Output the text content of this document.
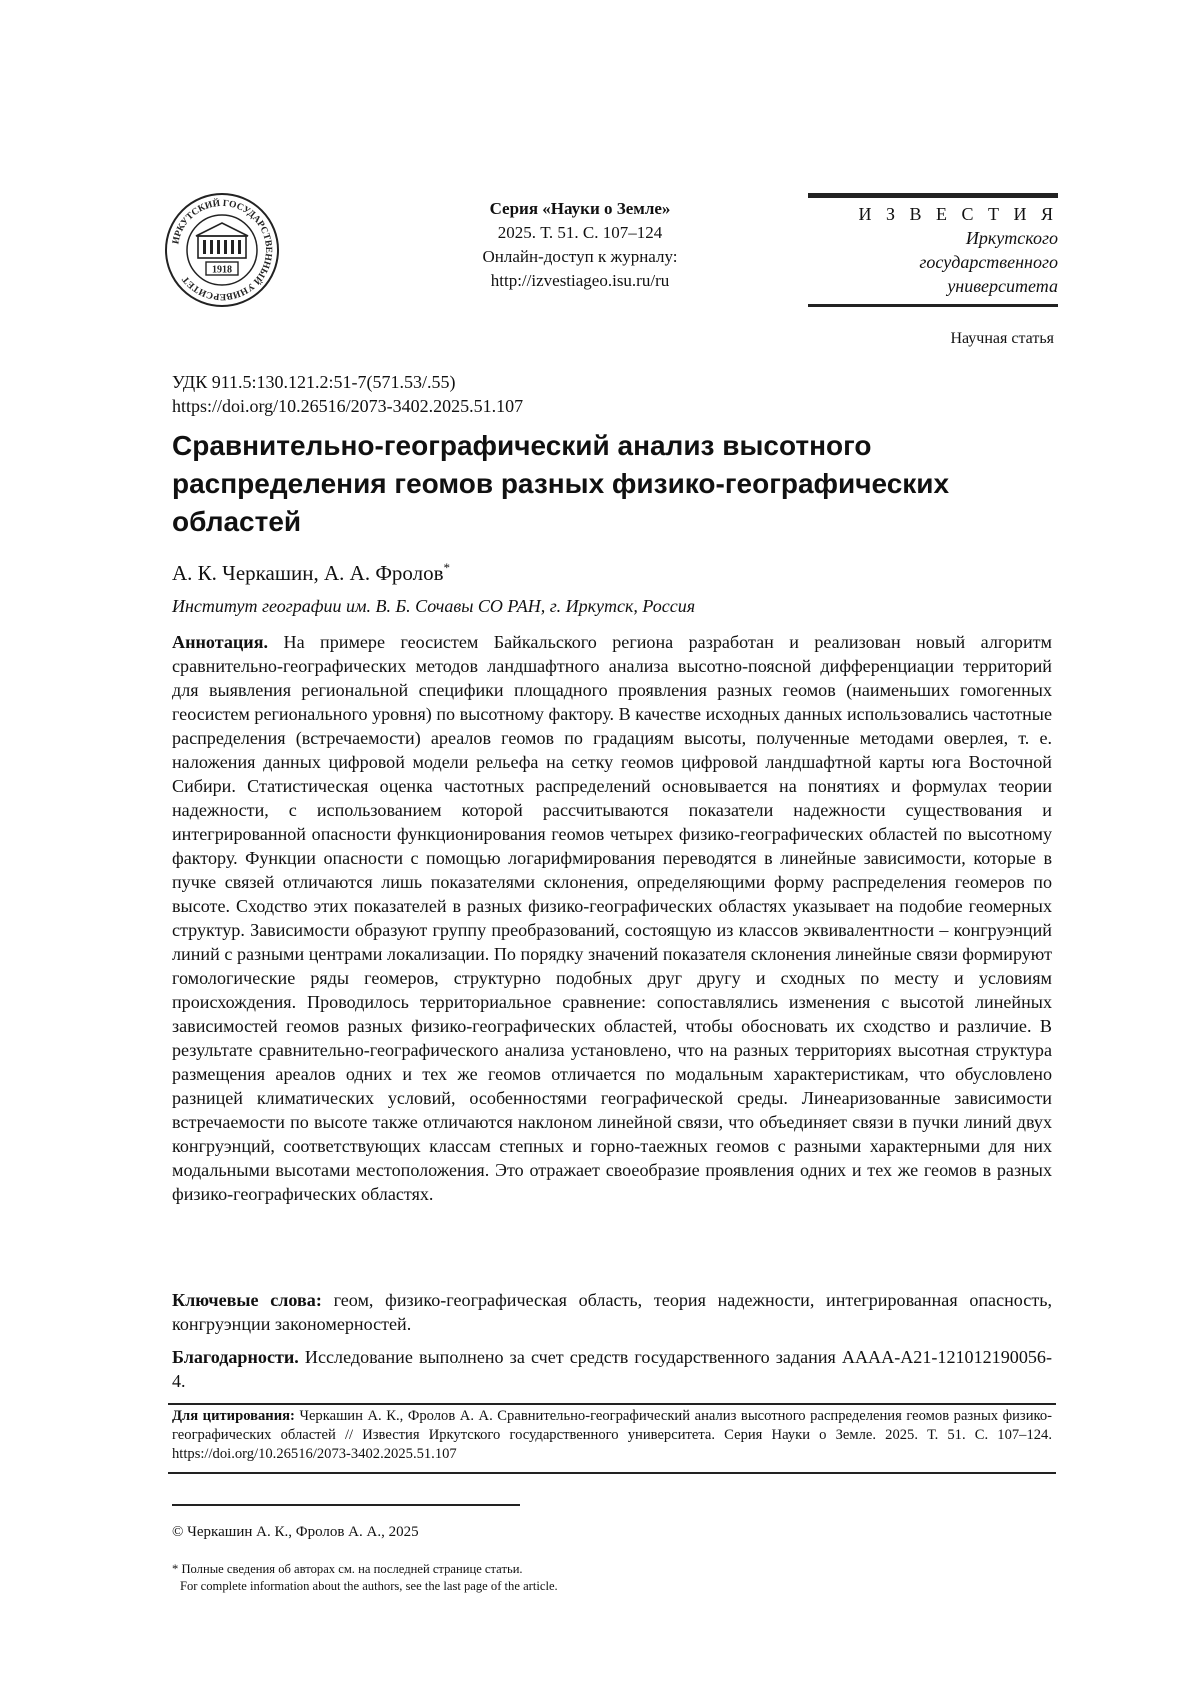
ИРКУТСКИЙ ГОСУДАРСТВЕННЫЙ УНИВЕРСИТЕТ
1918
Серия «Науки о Земле»
2025. Т. 51. С. 107–124
Онлайн-доступ к журналу:
http://izvestiageo.isu.ru/ru
И З В Е С Т И Я
Иркутского
государственного
университета
Научная статья
УДК 911.5:130.121.2:51-7(571.53/.55)
https://doi.org/10.26516/2073-3402.2025.51.107
Сравнительно-географический анализ высотного распределения геомов разных физико-географических областей
А. К. Черкашин, А. А. Фролов*
Институт географии им. В. Б. Сочавы СО РАН, г. Иркутск, Россия
Аннотация. На примере геосистем Байкальского региона разработан и реализован новый алгоритм сравнительно-географических методов ландшафтного анализа высотно-поясной дифференциации территорий для выявления региональной специфики площадного проявления разных геомов (наименьших гомогенных геосистем регионального уровня) по высотному фактору. В качестве исходных данных использовались частотные распределения (встречаемости) ареалов геомов по градациям высоты, полученные методами оверлея, т. е. наложения данных цифровой модели рельефа на сетку геомов цифровой ландшафтной карты юга Восточной Сибири. Статистическая оценка частотных распределений основывается на понятиях и формулах теории надежности, с использованием которой рассчитываются показатели надежности существования и интегрированной опасности функционирования геомов четырех физико-географических областей по высотному фактору. Функции опасности с помощью логарифмирования переводятся в линейные зависимости, которые в пучке связей отличаются лишь показателями склонения, определяющими форму распределения геомеров по высоте. Сходство этих показателей в разных физико-географических областях указывает на подобие геомерных структур. Зависимости образуют группу преобразований, состоящую из классов эквивалентности – конгруэнций линий с разными центрами локализации. По порядку значений показателя склонения линейные связи формируют гомологические ряды геомеров, структурно подобных друг другу и сходных по месту и условиям происхождения. Проводилось территориальное сравнение: сопоставлялись изменения с высотой линейных зависимостей геомов разных физико-географических областей, чтобы обосновать их сходство и различие. В результате сравнительно-географического анализа установлено, что на разных территориях высотная структура размещения ареалов одних и тех же геомов отличается по модальным характеристикам, что обусловлено разницей климатических условий, особенностями географической среды. Линеаризованные зависимости встречаемости по высоте также отличаются наклоном линейной связи, что объединяет связи в пучки линий двух конгруэнций, соответствующих классам степных и горно-таежных геомов с разными характерными для них модальными высотами местоположения. Это отражает своеобразие проявления одних и тех же геомов в разных физико-географических областях.
Ключевые слова: геом, физико-географическая область, теория надежности, интегрированная опасность, конгруэнции закономерностей.
Благодарности. Исследование выполнено за счет средств государственного задания АААА-А21-121012190056-4.
Для цитирования: Черкашин А. К., Фролов А. А. Сравнительно-географический анализ высотного распределения геомов разных физико-географических областей // Известия Иркутского государственного университета. Серия Науки о Земле. 2025. Т. 51. С. 107–124. https://doi.org/10.26516/2073-3402.2025.51.107
© Черкашин А. К., Фролов А. А., 2025
* Полные сведения об авторах см. на последней странице статьи.
For complete information about the authors, see the last page of the article.
